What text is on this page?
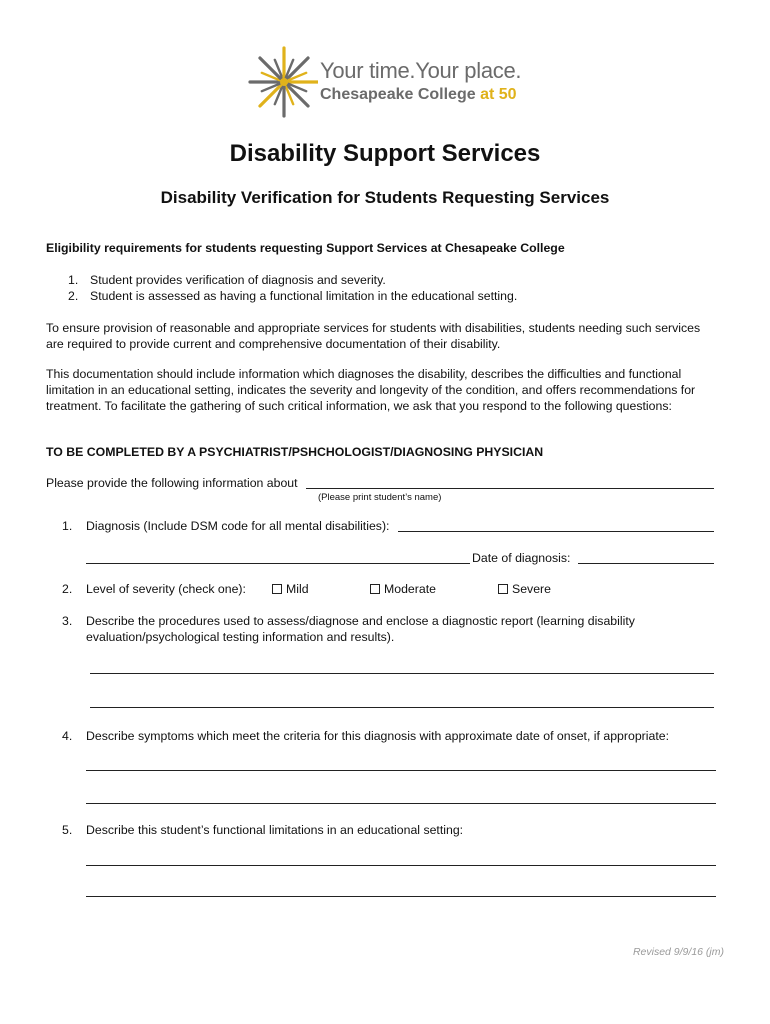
Your time.Your place.
Chesapeake College at 50
Disability Support Services
Disability Verification for Students Requesting Services
Eligibility requirements for students requesting Support Services at Chesapeake College
1. Student provides verification of diagnosis and severity.
2. Student is assessed as having a functional limitation in the educational setting.
To ensure provision of reasonable and appropriate services for students with disabilities, students needing such services
are required to provide current and comprehensive documentation of their disability.
This documentation should include information which diagnoses the disability, describes the difficulties and functional
limitation in an educational setting, indicates the severity and longevity of the condition, and offers recommendations for
treatment. To facilitate the gathering of such critical information, we ask that you respond to the following questions:
TO BE COMPLETED BY A PSYCHIATRIST/PSHCHOLOGIST/DIAGNOSING PHYSICIAN
Please provide the following information about
(Please print student’s name)
1. Diagnosis (Include DSM code for all mental disabilities):
Date of diagnosis:
2. Level of severity (check one):	Mild	Moderate	Severe
3. Describe the procedures used to assess/diagnose and enclose a diagnostic report (learning disability
evaluation/psychological testing information and results).
4. Describe symptoms which meet the criteria for this diagnosis with approximate date of onset, if appropriate:
5. Describe this student’s functional limitations in an educational setting:
Revised 9/9/16 (jm)
